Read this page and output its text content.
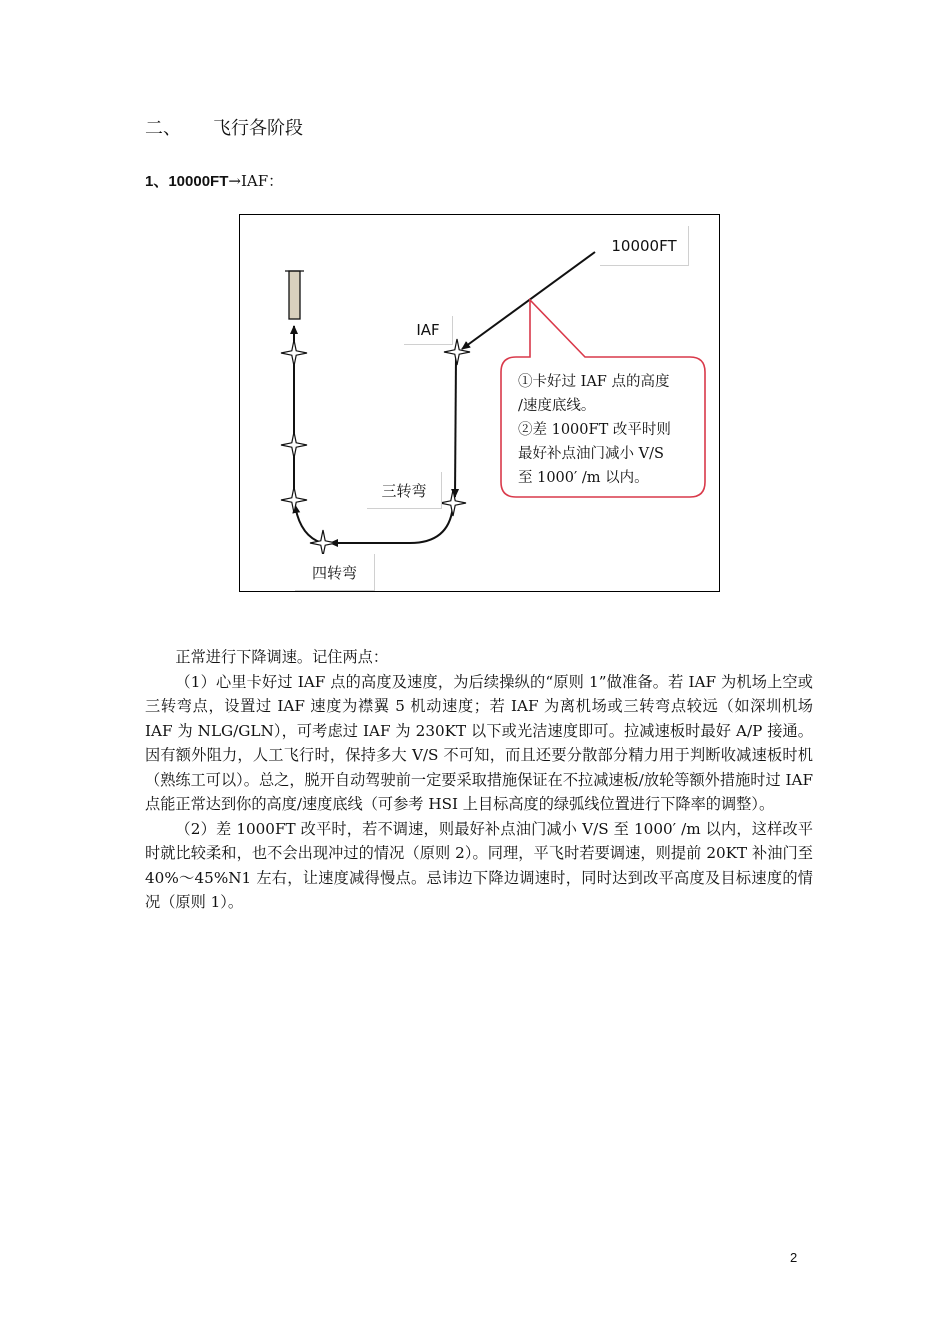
二、 飞行各阶段
1、10000FT→IAF：
10000FT
IAF
三转弯
四转弯
①卡好过 IAF 点的高度
/速度底线。
②差 1000FT 改平时则
最好补点油门减小 V/S
至 1000′ /m 以内。

正常进行下降调速。记住两点：

（1）心里卡好过 IAF 点的高度及速度，为后续操纵的“原则 1”做准备。若 IAF 为机场上空或三转弯点，设置过 IAF 速度为襟翼 5 机动速度；若 IAF 为离机场或三转弯点较远（如深圳机场 IAF 为 NLG/GLN），可考虑过 IAF 为 230KT 以下或光洁速度即可。拉减速板时最好 A/P 接通。因有额外阻力，人工飞行时，保持多大 V/S 不可知，而且还要分散部分精力用于判断收减速板时机（熟练工可以）。总之，脱开自动驾驶前一定要采取措施保证在不拉减速板/放轮等额外措施时过 IAF 点能正常达到你的高度/速度底线（可参考 HSI 上目标高度的绿弧线位置进行下降率的调整）。

（2）差 1000FT 改平时，若不调速，则最好补点油门减小 V/S 至 1000′ /m 以内，这样改平时就比较柔和，也不会出现冲过的情况（原则 2）。同理，平飞时若要调速，则提前 20KT 补油门至 40%～45%N1 左右，让速度减得慢点。忌讳边下降边调速时，同时达到改平高度及目标速度的情况（原则 1）。

2
